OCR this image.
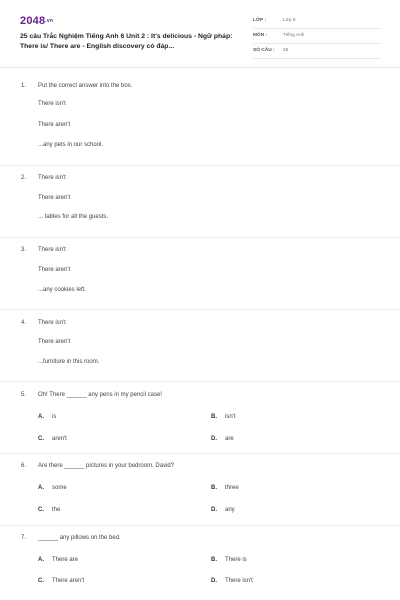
2048.vn
25 câu Trắc Nghiệm Tiếng Anh 6 Unit 2 : It's delicious - Ngữ pháp: There is/ There are - English discovery có đáp...
LỚP :	Lớp 6
MÔN :	Tiếng Anh
SỐ CÂU : 25
1. Put the correct answer into the box.
There isn't
There aren't
...any pets in our school.
2. There isn't
There aren't
... tables for all the guests.
3. There isn't
There aren't
...any cookies left.
4. There isn't
There aren't
...furniture in this room.
5. Oh! There ______ any pens in my pencil case!
A. is	B. isn't
C. aren't	D. are
6. Are there ______ pictures in your bedroom, David?
A. some	B. three
C. the	D. any
7. ______ any pillows on the bed.
A. There are	B. There is
C. There aren't	D. There isn't
